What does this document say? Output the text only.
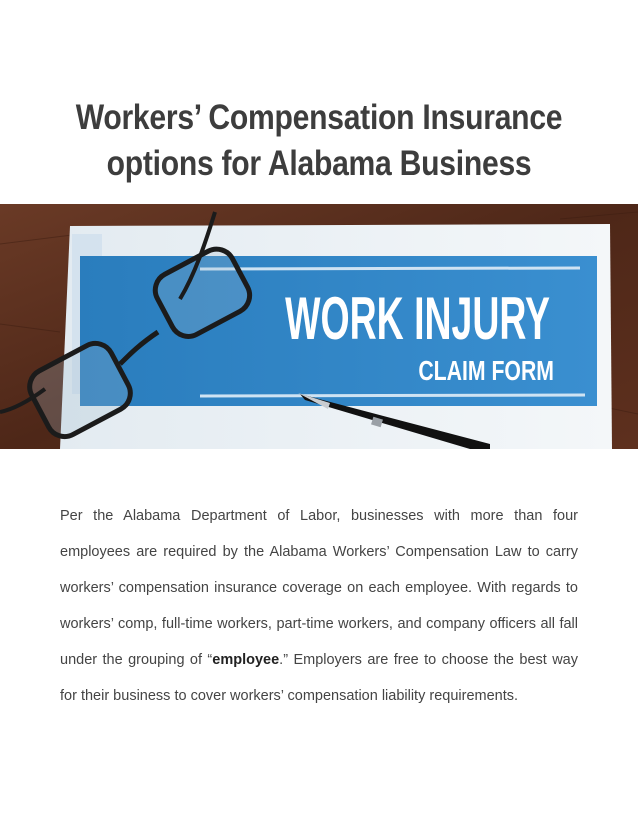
Workers’ Compensation Insurance
options for Alabama Business
WORK INJURY
CLAIM FORM

Per the Alabama Department of Labor, businesses with more than four employees are required by the Alabama Workers’ Compensation Law to carry workers’ compensation insurance coverage on each employee. With regards to workers’ comp, full-time workers, part-time workers, and company officers all fall under the grouping of “employee.” Employers are free to choose the best way for their business to cover workers’ compensation liability requirements.
